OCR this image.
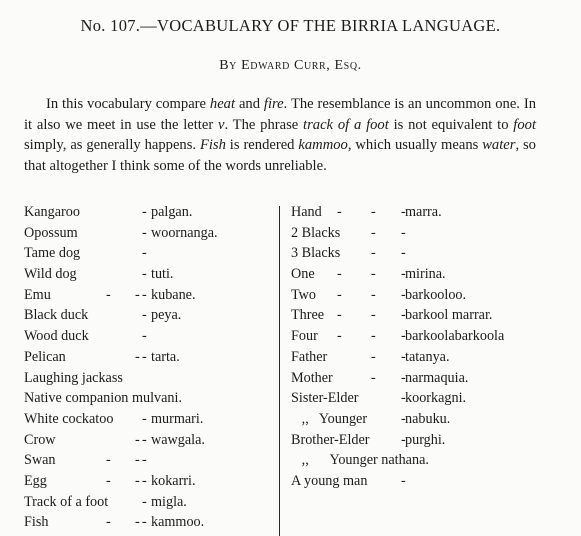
No. 107.—VOCABULARY OF THE BIRRIA LANGUAGE.
By Edward Curr, Esq.

In this vocabulary compare heat and fire. The resemblance is an uncommon one. In it also we meet in use the letter v. The phrase track of a foot is not equivalent to foot simply, as generally happens. Fish is rendered kammoo, which usually means water, so that altogether I think some of the words unreliable.

Kangaroo	- palgan.
Opossum	- woornanga.
Tame dog	-
Wild dog	- tuti.
Emu	- - - kubane.
Black duck	- peya.
Wood duck	-
Pelican	- - tarta.
Laughing jackass
Native companion mulvani.
White cockatoo - murmari.
Crow	- - wawgala.
Swan	- - -
Egg	- - - kokarri.
Track of a foot - migla.
Fish	- - - kammoo.
Hand - - - marra.
2 Blacks - -
3 Blacks - -
One - - - mirina.
Two - - - barkooloo.
Three - - - barkool marrar.
Four - - - barkoolabarkoola
Father	- - tatanya.
Mother	- - narmaquia.
Sister-Elder	- koorkagni.
,,   Younger - nabuku.
Brother-Elder - purghi.
,,      Younger nathana.
A young man -
